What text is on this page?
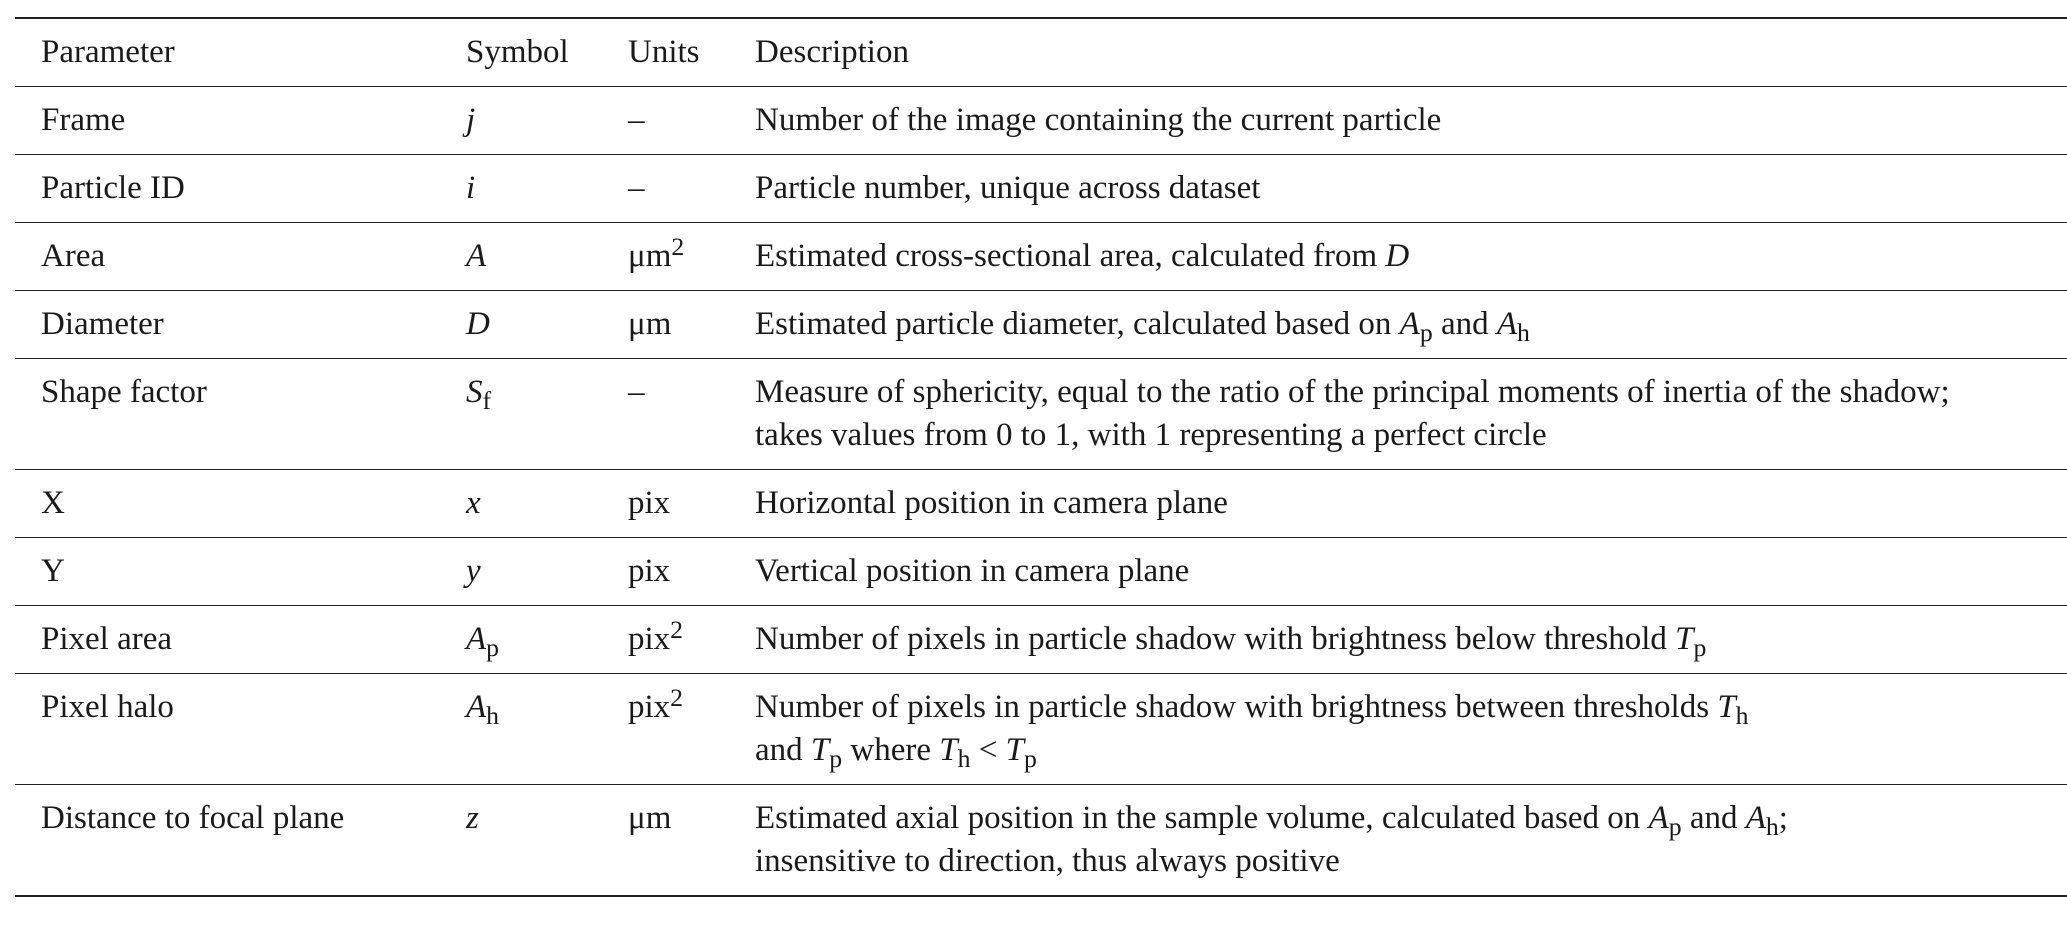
Parameter	Symbol	Units	Description
Frame	j	–	Number of the image containing the current particle

Particle ID	i	–	Particle number, unique across dataset

Area	A	$\mu m^2$	Estimated cross-sectional area, calculated from D

Diameter	D	μm	Estimated particle diameter, calculated based on $A_p$ and $A_h$

Shape factor	$S_f$	–	Measure of sphericity, equal to the ratio of the principal moments of inertia of the shadow;
takes values from 0 to 1, with 1 representing a perfect circle

X	x	pix	Horizontal position in camera plane

Y	y	pix	Vertical position in camera plane

Pixel area	$A_p$	pix$^2$	Number of pixels in particle shadow with brightness below threshold $T_p$

Pixel halo	$A_h$	pix$^2$	Number of pixels in particle shadow with brightness between thresholds $T_h$
and $T_p$ where $T_h < T_p$

Distance to focal plane	z	μm	Estimated axial position in the sample volume, calculated based on $A_p$ and $A_h$;
insensitive to direction, thus always positive
